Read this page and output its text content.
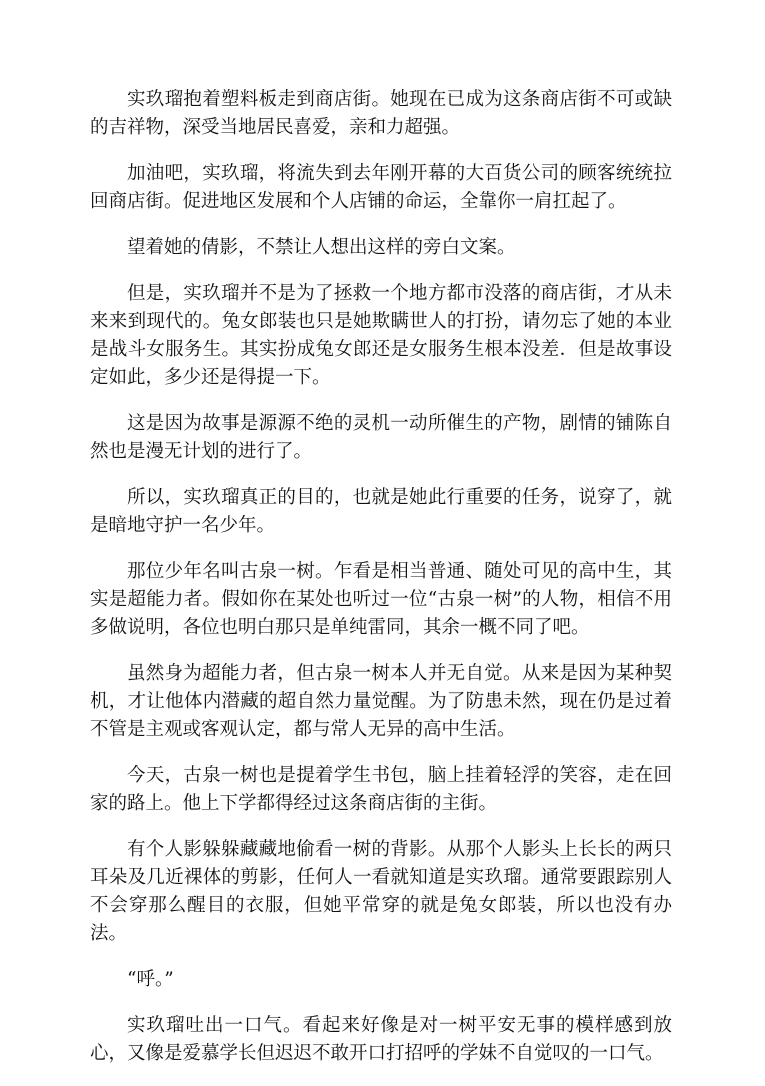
实玖瑠抱着塑料板走到商店街。她现在已成为这条商店街不可或缺的吉祥物，深受当地居民喜爱，亲和力超强。

加油吧，实玖瑠，将流失到去年刚开幕的大百货公司的顾客统统拉回商店街。促进地区发展和个人店铺的命运，全靠你一肩扛起了。

望着她的倩影，不禁让人想出这样的旁白文案。

但是，实玖瑠并不是为了拯救一个地方都市没落的商店街，才从未来来到现代的。兔女郎装也只是她欺瞒世人的打扮，请勿忘了她的本业是战斗女服务生。其实扮成兔女郎还是女服务生根本没差．但是故事设定如此，多少还是得提一下。

这是因为故事是源源不绝的灵机一动所催生的产物，剧情的铺陈自然也是漫无计划的进行了。

所以，实玖瑠真正的目的，也就是她此行重要的任务，说穿了，就是暗地守护一名少年。

那位少年名叫古泉一树。乍看是相当普通、随处可见的高中生，其实是超能力者。假如你在某处也听过一位“古泉一树”的人物，相信不用多做说明，各位也明白那只是单纯雷同，其余一概不同了吧。

虽然身为超能力者，但古泉一树本人并无自觉。从来是因为某种契机，才让他体内潜藏的超自然力量觉醒。为了防患未然，现在仍是过着不管是主观或客观认定，都与常人无异的高中生活。

今天，古泉一树也是提着学生书包，脑上挂着轻浮的笑容，走在回家的路上。他上下学都得经过这条商店街的主街。

有个人影躲躲藏藏地偷看一树的背影。从那个人影头上长长的两只耳朵及几近裸体的剪影，任何人一看就知道是实玖瑠。通常要跟踪别人不会穿那么醒目的衣服，但她平常穿的就是兔女郎装，所以也没有办法。

“呼。”

实玖瑠吐出一口气。看起来好像是对一树平安无事的模样感到放心，又像是爱慕学长但迟迟不敢开口打招呼的学妹不自觉叹的一口气。
